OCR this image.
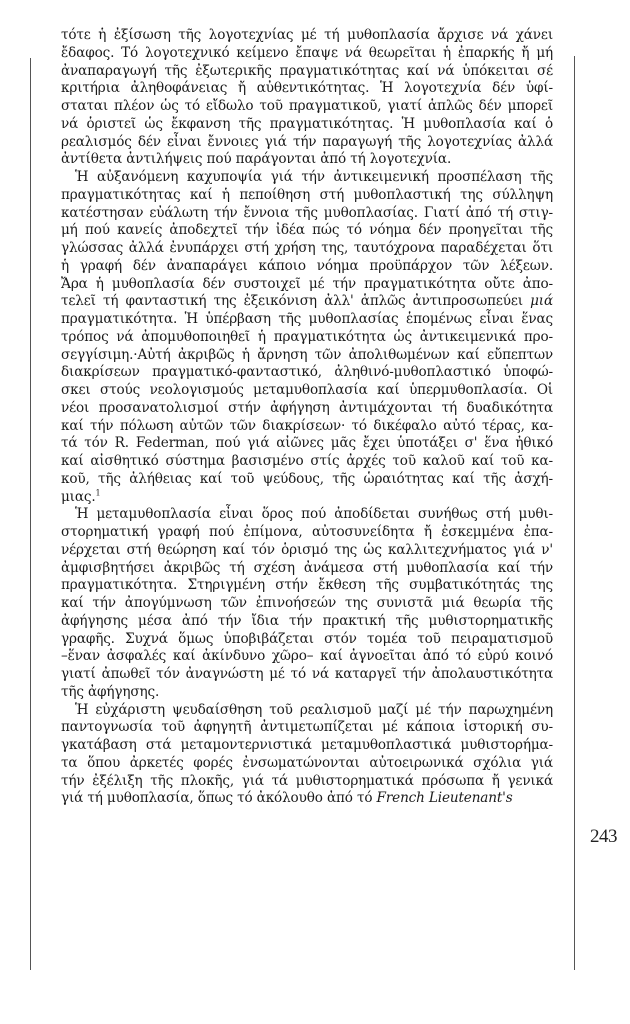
τότε ἡ ἐξίσωση τῆς λογοτεχνίας μέ τή μυθοπλασία ἄρχισε νά χάνει
ἔδαφος. Τό λογοτεχνικό κείμενο ἔπαψε νά θεωρεῖται ἡ ἐπαρκής ἤ μή
ἀναπαραγωγή τῆς ἐξωτερικῆς πραγματικότητας καί νά ὑπόκειται σέ
κριτήρια ἀληθοφάνειας ἤ αὐθεντικότητας. Ἡ λογοτεχνία δέν ὑφί-
σταται πλέον ὡς τό εἴδωλο τοῦ πραγματικοῦ, γιατί ἁπλῶς δέν μπορεῖ
νά ὁριστεῖ ὡς ἔκφανση τῆς πραγματικότητας. Ἡ μυθοπλασία καί ὁ
ρεαλισμός δέν εἶναι ἔννοιες γιά τήν παραγωγή τῆς λογοτεχνίας ἀλλά
ἀντίθετα ἀντιλήψεις πού παράγονται ἀπό τή λογοτεχνία.
Ἡ αὐξανόμενη καχυποψία γιά τήν ἀντικειμενική προσπέλαση τῆς
πραγματικότητας καί ἡ πεποίθηση στή μυθοπλαστική της σύλληψη
κατέστησαν εὐάλωτη τήν ἔννοια τῆς μυθοπλασίας. Γιατί ἀπό τή στιγ-
μή πού κανείς ἀποδεχτεῖ τήν ἰδέα πώς τό νόημα δέν προηγεῖται τῆς
γλώσσας ἀλλά ἐνυπάρχει στή χρήση της, ταυτόχρονα παραδέχεται ὅτι
ἡ γραφή δέν ἀναπαράγει κάποιο νόημα προϋπάρχον τῶν λέξεων.
Ἄρα ἡ μυθοπλασία δέν συστοιχεῖ μέ τήν πραγματικότητα οὔτε ἀπο-
τελεῖ τή φανταστική της ἐξεικόνιση ἀλλ' ἁπλῶς ἀντιπροσωπεύει μιά
πραγματικότητα. Ἡ ὑπέρβαση τῆς μυθοπλασίας ἑπομένως εἶναι ἕνας
τρόπος νά ἀπομυθοποιηθεῖ ἡ πραγματικότητα ὡς ἀντικειμενικά προ-
σεγγίσιμη.·Αὐτή ἀκριβῶς ἡ ἄρνηση τῶν ἀπολιθωμένων καί εὔπεπτων
διακρίσεων πραγματικό-φανταστικό, ἀληθινό-μυθοπλαστικό ὑποφώ-
σκει στούς νεολογισμούς μεταμυθοπλασία καί ὑπερμυθοπλασία. Οἱ
νέοι προσανατολισμοί στήν ἀφήγηση ἀντιμάχονται τή δυαδικότητα
καί τήν πόλωση αὐτῶν τῶν διακρίσεων· τό δικέφαλο αὐτό τέρας, κα-
τά τόν R. Federman, πού γιά αἰῶνες μᾶς ἔχει ὑποτάξει σ' ἕνα ἠθικό
καί αἰσθητικό σύστημα βασισμένο στίς ἀρχές τοῦ καλοῦ καί τοῦ κα-
κοῦ, τῆς ἀλήθειας καί τοῦ ψεύδους, τῆς ὡραιότητας καί τῆς ἀσχή-
μιας.$^1$
Ἡ μεταμυθοπλασία εἶναι ὅρος πού ἀποδίδεται συνήθως στή μυθι-
στορηματική γραφή πού ἐπίμονα, αὐτοσυνείδητα ἤ ἐσκεμμένα ἐπα-
νέρχεται στή θεώρηση καί τόν ὁρισμό της ὡς καλλιτεχνήματος γιά ν'
ἀμφισβητήσει ἀκριβῶς τή σχέση ἀνάμεσα στή μυθοπλασία καί τήν
πραγματικότητα. Στηριγμένη στήν ἔκθεση τῆς συμβατικότητάς της
καί τήν ἀπογύμνωση τῶν ἐπινοήσεών της συνιστᾶ μιά θεωρία τῆς
ἀφήγησης μέσα ἀπό τήν ἴδια τήν πρακτική τῆς μυθιστορηματικῆς
γραφῆς. Συχνά ὅμως ὑποβιβάζεται στόν τομέα τοῦ πειραματισμοῦ
–ἕναν ἀσφαλές καί ἀκίνδυνο χῶρο– καί ἀγνοεῖται ἀπό τό εὐρύ κοινό
γιατί ἀπωθεῖ τόν ἀναγνώστη μέ τό νά καταργεῖ τήν ἀπολαυστικότητα
τῆς ἀφήγησης.
Ἡ εὐχάριστη ψευδαίσθηση τοῦ ρεαλισμοῦ μαζί μέ τήν παρωχημένη
παντογνωσία τοῦ ἀφηγητῆ ἀντιμετωπίζεται μέ κάποια ἱστορική συ-
γκατάβαση στά μεταμοντερνιστικά μεταμυθοπλαστικά μυθιστορήμα-
τα ὅπου ἀρκετές φορές ἐνσωματώνονται αὐτοειρωνικά σχόλια γιά
τήν ἐξέλιξη τῆς πλοκῆς, γιά τά μυθιστορηματικά πρόσωπα ἤ γενικά
γιά τή μυθοπλασία, ὅπως τό ἀκόλουθο ἀπό τό French Lieutenant's
243
